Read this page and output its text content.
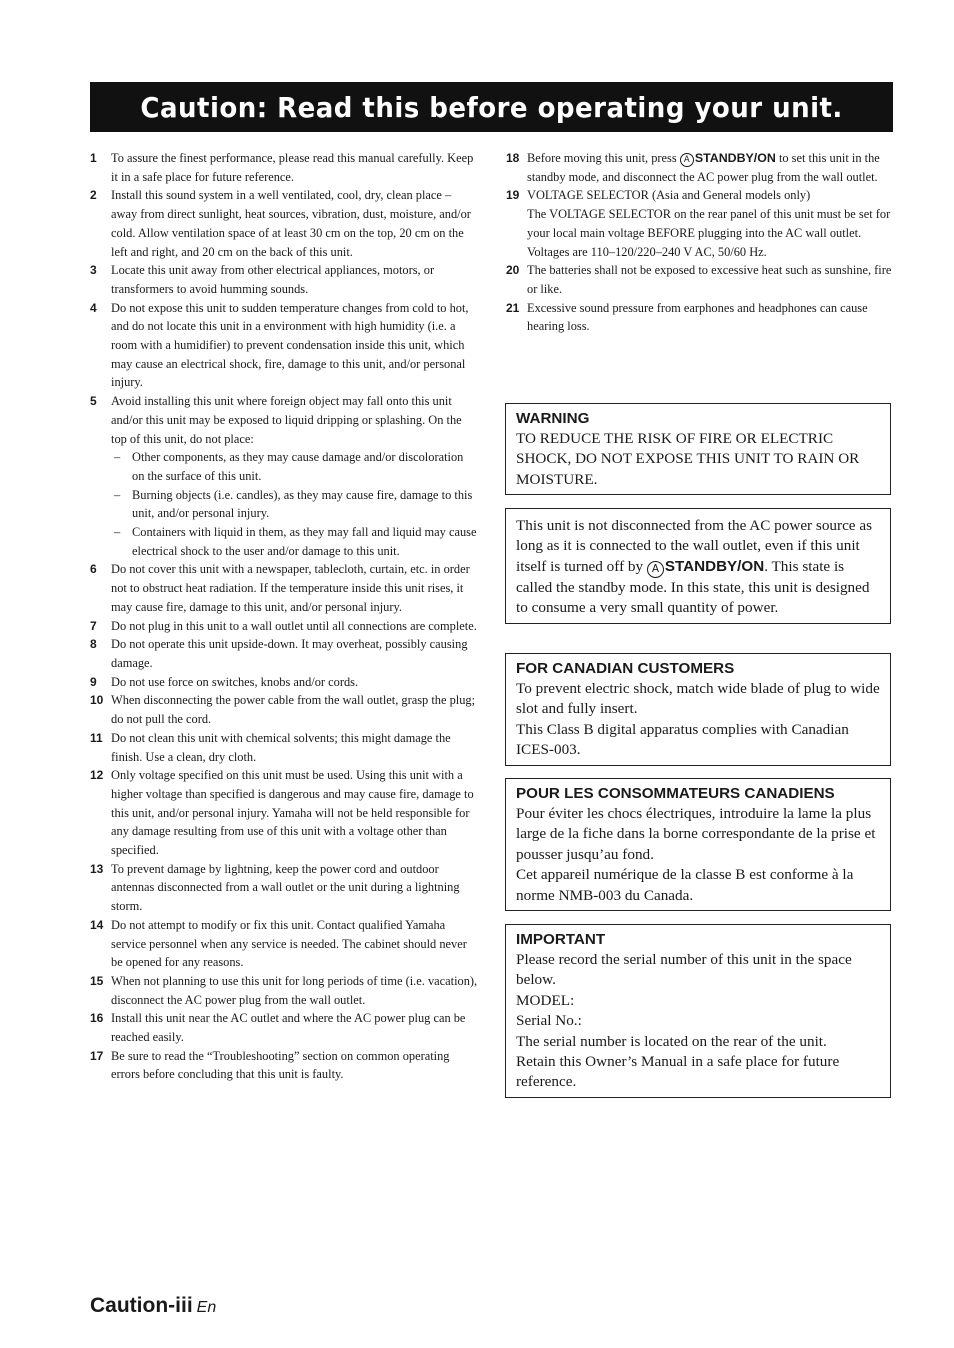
Caution: Read this before operating your unit.
1 To assure the finest performance, please read this manual carefully. Keep it in a safe place for future reference.
2 Install this sound system in a well ventilated, cool, dry, clean place – away from direct sunlight, heat sources, vibration, dust, moisture, and/or cold. Allow ventilation space of at least 30 cm on the top, 20 cm on the left and right, and 20 cm on the back of this unit.
3 Locate this unit away from other electrical appliances, motors, or transformers to avoid humming sounds.
4 Do not expose this unit to sudden temperature changes from cold to hot, and do not locate this unit in a environment with high humidity (i.e. a room with a humidifier) to prevent condensation inside this unit, which may cause an electrical shock, fire, damage to this unit, and/or personal injury.
5 Avoid installing this unit where foreign object may fall onto this unit and/or this unit may be exposed to liquid dripping or splashing. On the top of this unit, do not place:
– Other components, as they may cause damage and/or discoloration on the surface of this unit.
– Burning objects (i.e. candles), as they may cause fire, damage to this unit, and/or personal injury.
– Containers with liquid in them, as they may fall and liquid may cause electrical shock to the user and/or damage to this unit.
6 Do not cover this unit with a newspaper, tablecloth, curtain, etc. in order not to obstruct heat radiation. If the temperature inside this unit rises, it may cause fire, damage to this unit, and/or personal injury.
7 Do not plug in this unit to a wall outlet until all connections are complete.
8 Do not operate this unit upside-down. It may overheat, possibly causing damage.
9 Do not use force on switches, knobs and/or cords.
10 When disconnecting the power cable from the wall outlet, grasp the plug; do not pull the cord.
11 Do not clean this unit with chemical solvents; this might damage the finish. Use a clean, dry cloth.
12 Only voltage specified on this unit must be used. Using this unit with a higher voltage than specified is dangerous and may cause fire, damage to this unit, and/or personal injury. Yamaha will not be held responsible for any damage resulting from use of this unit with a voltage other than specified.
13 To prevent damage by lightning, keep the power cord and outdoor antennas disconnected from a wall outlet or the unit during a lightning storm.
14 Do not attempt to modify or fix this unit. Contact qualified Yamaha service personnel when any service is needed. The cabinet should never be opened for any reasons.
15 When not planning to use this unit for long periods of time (i.e. vacation), disconnect the AC power plug from the wall outlet.
16 Install this unit near the AC outlet and where the AC power plug can be reached easily.
17 Be sure to read the “Troubleshooting” section on common operating errors before concluding that this unit is faulty.
18 Before moving this unit, press A STANDBY/ON to set this unit in the standby mode, and disconnect the AC power plug from the wall outlet.
19 VOLTAGE SELECTOR (Asia and General models only)
The VOLTAGE SELECTOR on the rear panel of this unit must be set for your local main voltage BEFORE plugging into the AC wall outlet.
Voltages are 110–120/220–240 V AC, 50/60 Hz.
20 The batteries shall not be exposed to excessive heat such as sunshine, fire or like.
21 Excessive sound pressure from earphones and headphones can cause hearing loss.
WARNING

TO REDUCE THE RISK OF FIRE OR ELECTRIC SHOCK, DO NOT EXPOSE THIS UNIT TO RAIN OR MOISTURE.

This unit is not disconnected from the AC power source as long as it is connected to the wall outlet, even if this unit itself is turned off by A STANDBY/ON. This state is called the standby mode. In this state, this unit is designed to consume a very small quantity of power.

FOR CANADIAN CUSTOMERS

To prevent electric shock, match wide blade of plug to wide slot and fully insert.

This Class B digital apparatus complies with Canadian ICES-003.

POUR LES CONSOMMATEURS CANADIENS

Pour éviter les chocs électriques, introduire la lame la plus large de la fiche dans la borne correspondante de la prise et pousser jusqu’au fond.

Cet appareil numérique de la classe B est conforme à la norme NMB-003 du Canada.

IMPORTANT

Please record the serial number of this unit in the space below.

MODEL:

Serial No.:

The serial number is located on the rear of the unit.

Retain this Owner’s Manual in a safe place for future reference.

Caution-iii En
